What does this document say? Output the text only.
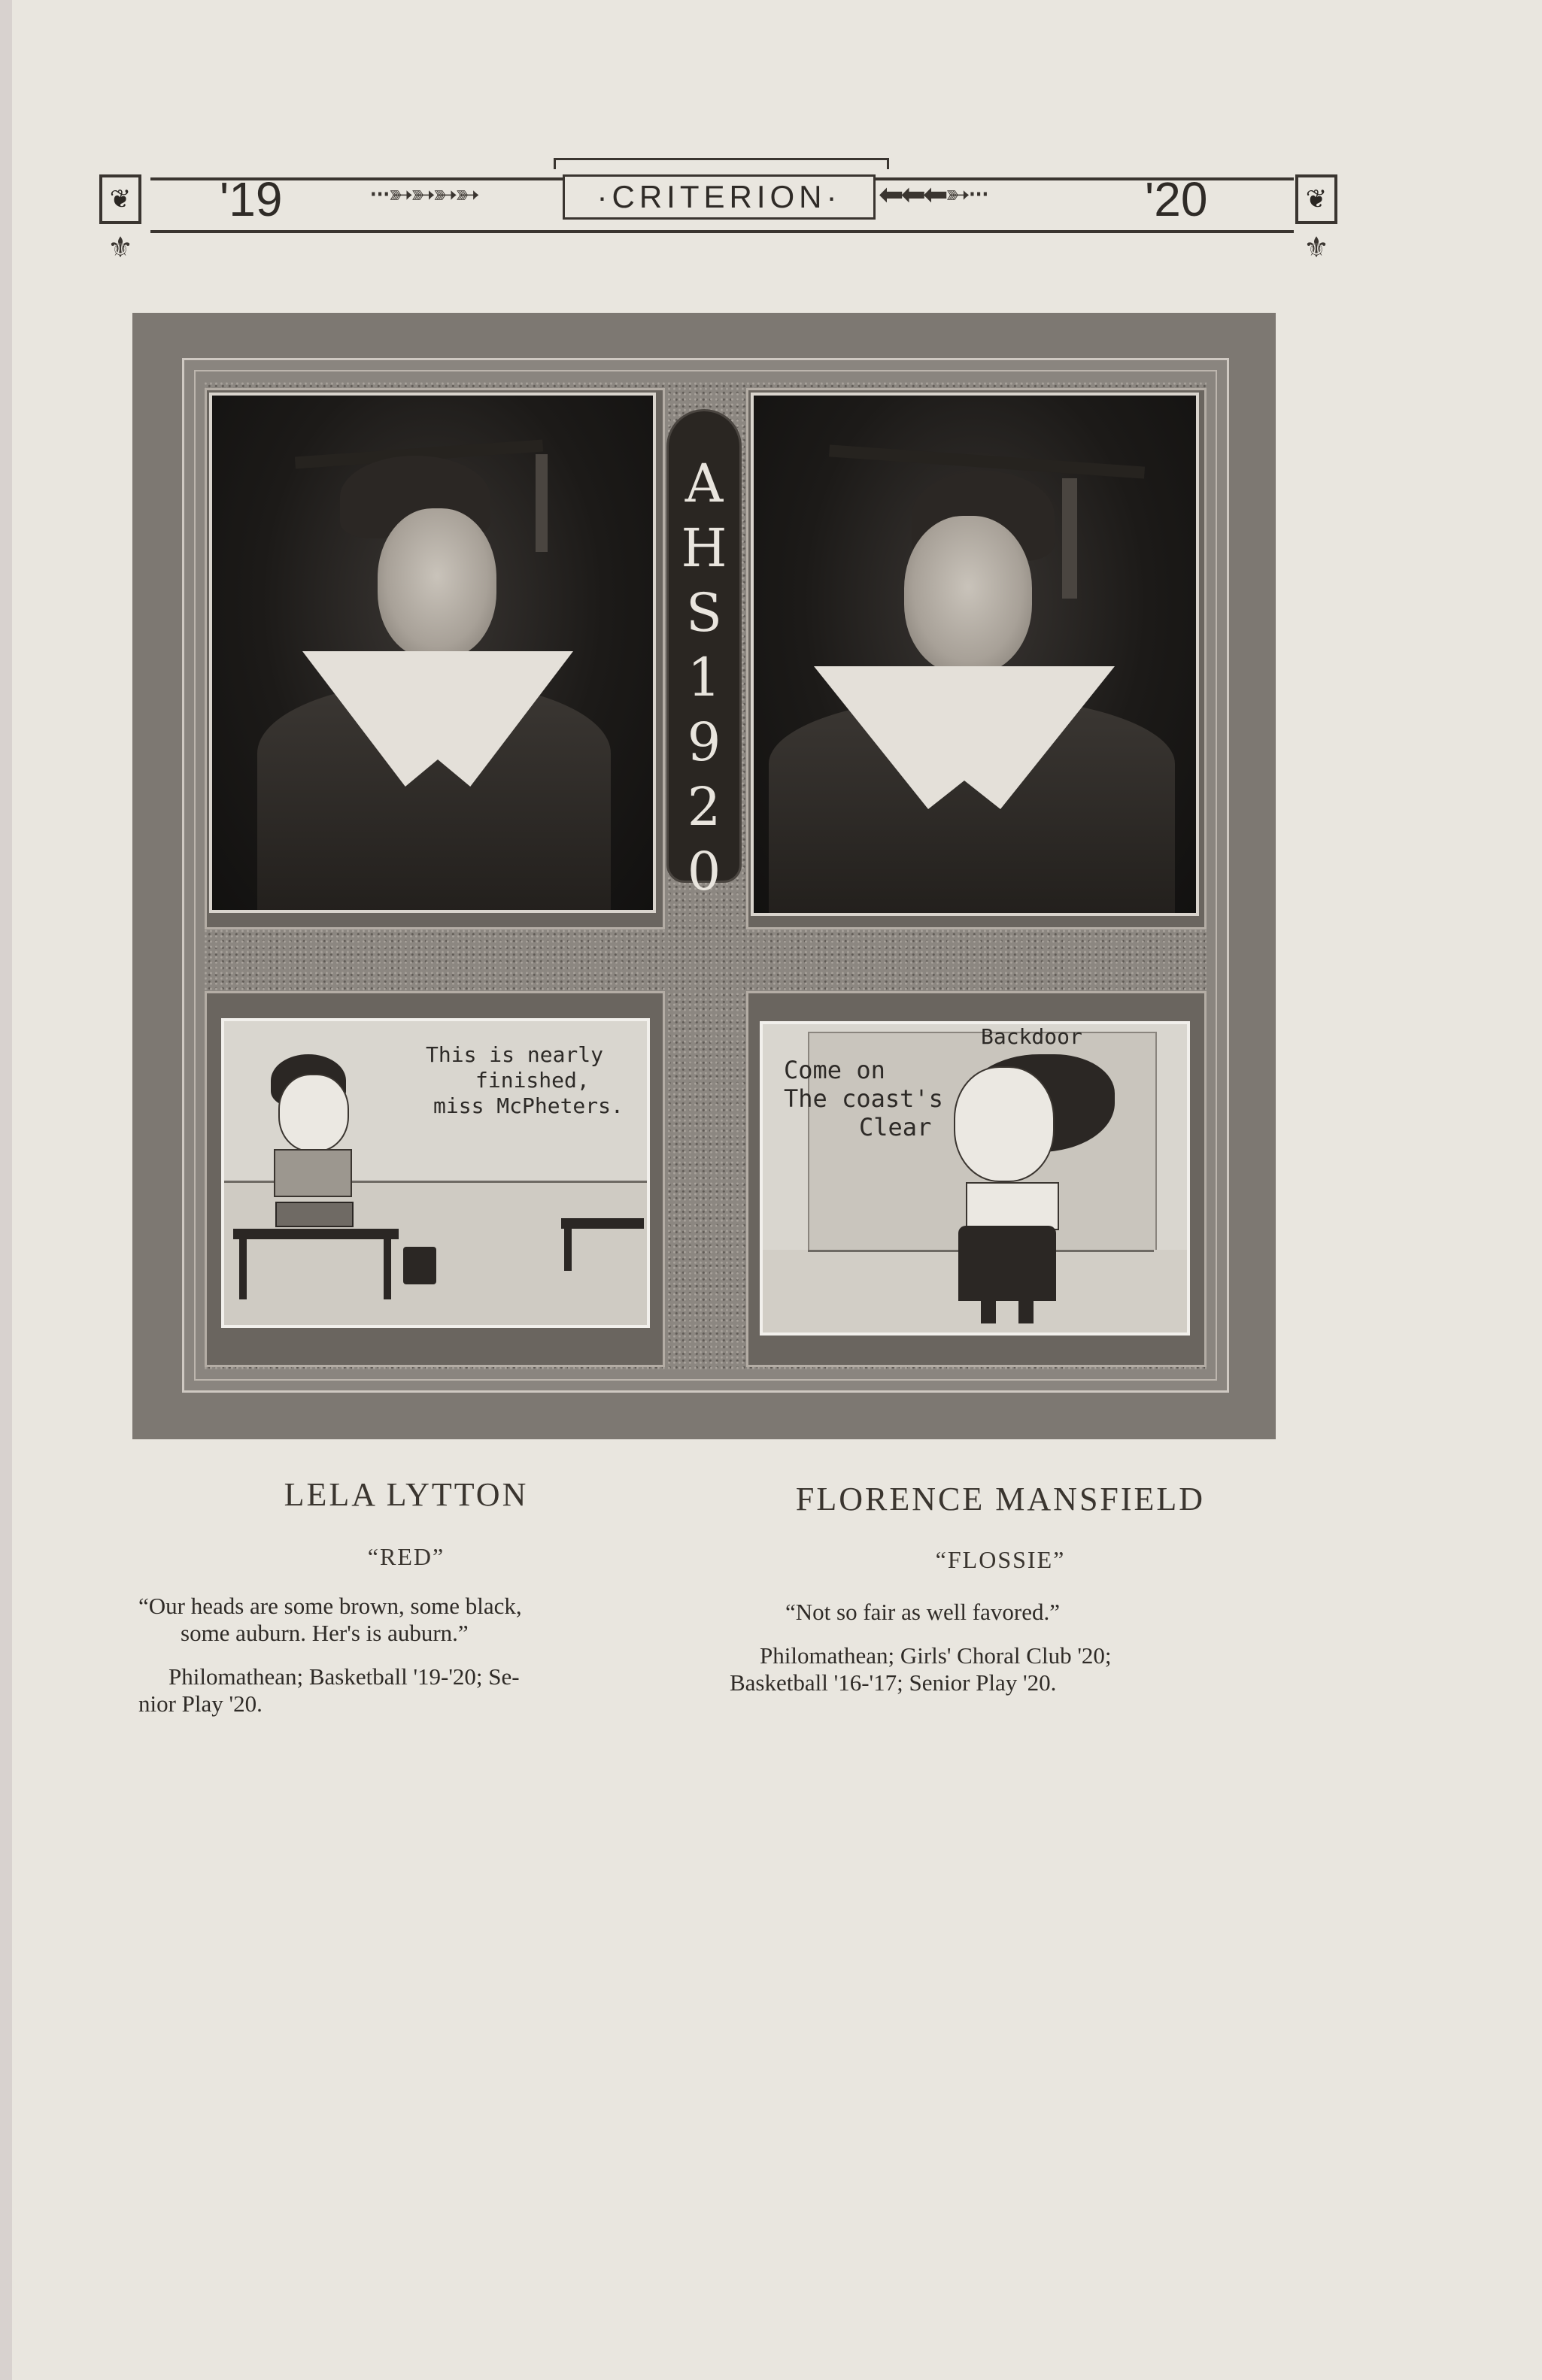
❦	❦
⚜	⚜
'19	'20
···➳➳➳➳	⬅⬅⬅➳···
· CRITERION ·
A
H
S
1
9
2
0
This is nearly
finished,
miss McPheters.
Backdoor
Come on
The coast's
Clear
LELA LYTTON
“RED”
“Our heads are some brown, some black,
some auburn. Her's is auburn.”
Philomathean; Basketball '19-'20; Se-
nior Play '20.
FLORENCE MANSFIELD
“FLOSSIE”
“Not so fair as well favored.”
Philomathean; Girls' Choral Club '20;
Basketball '16-'17; Senior Play '20.
